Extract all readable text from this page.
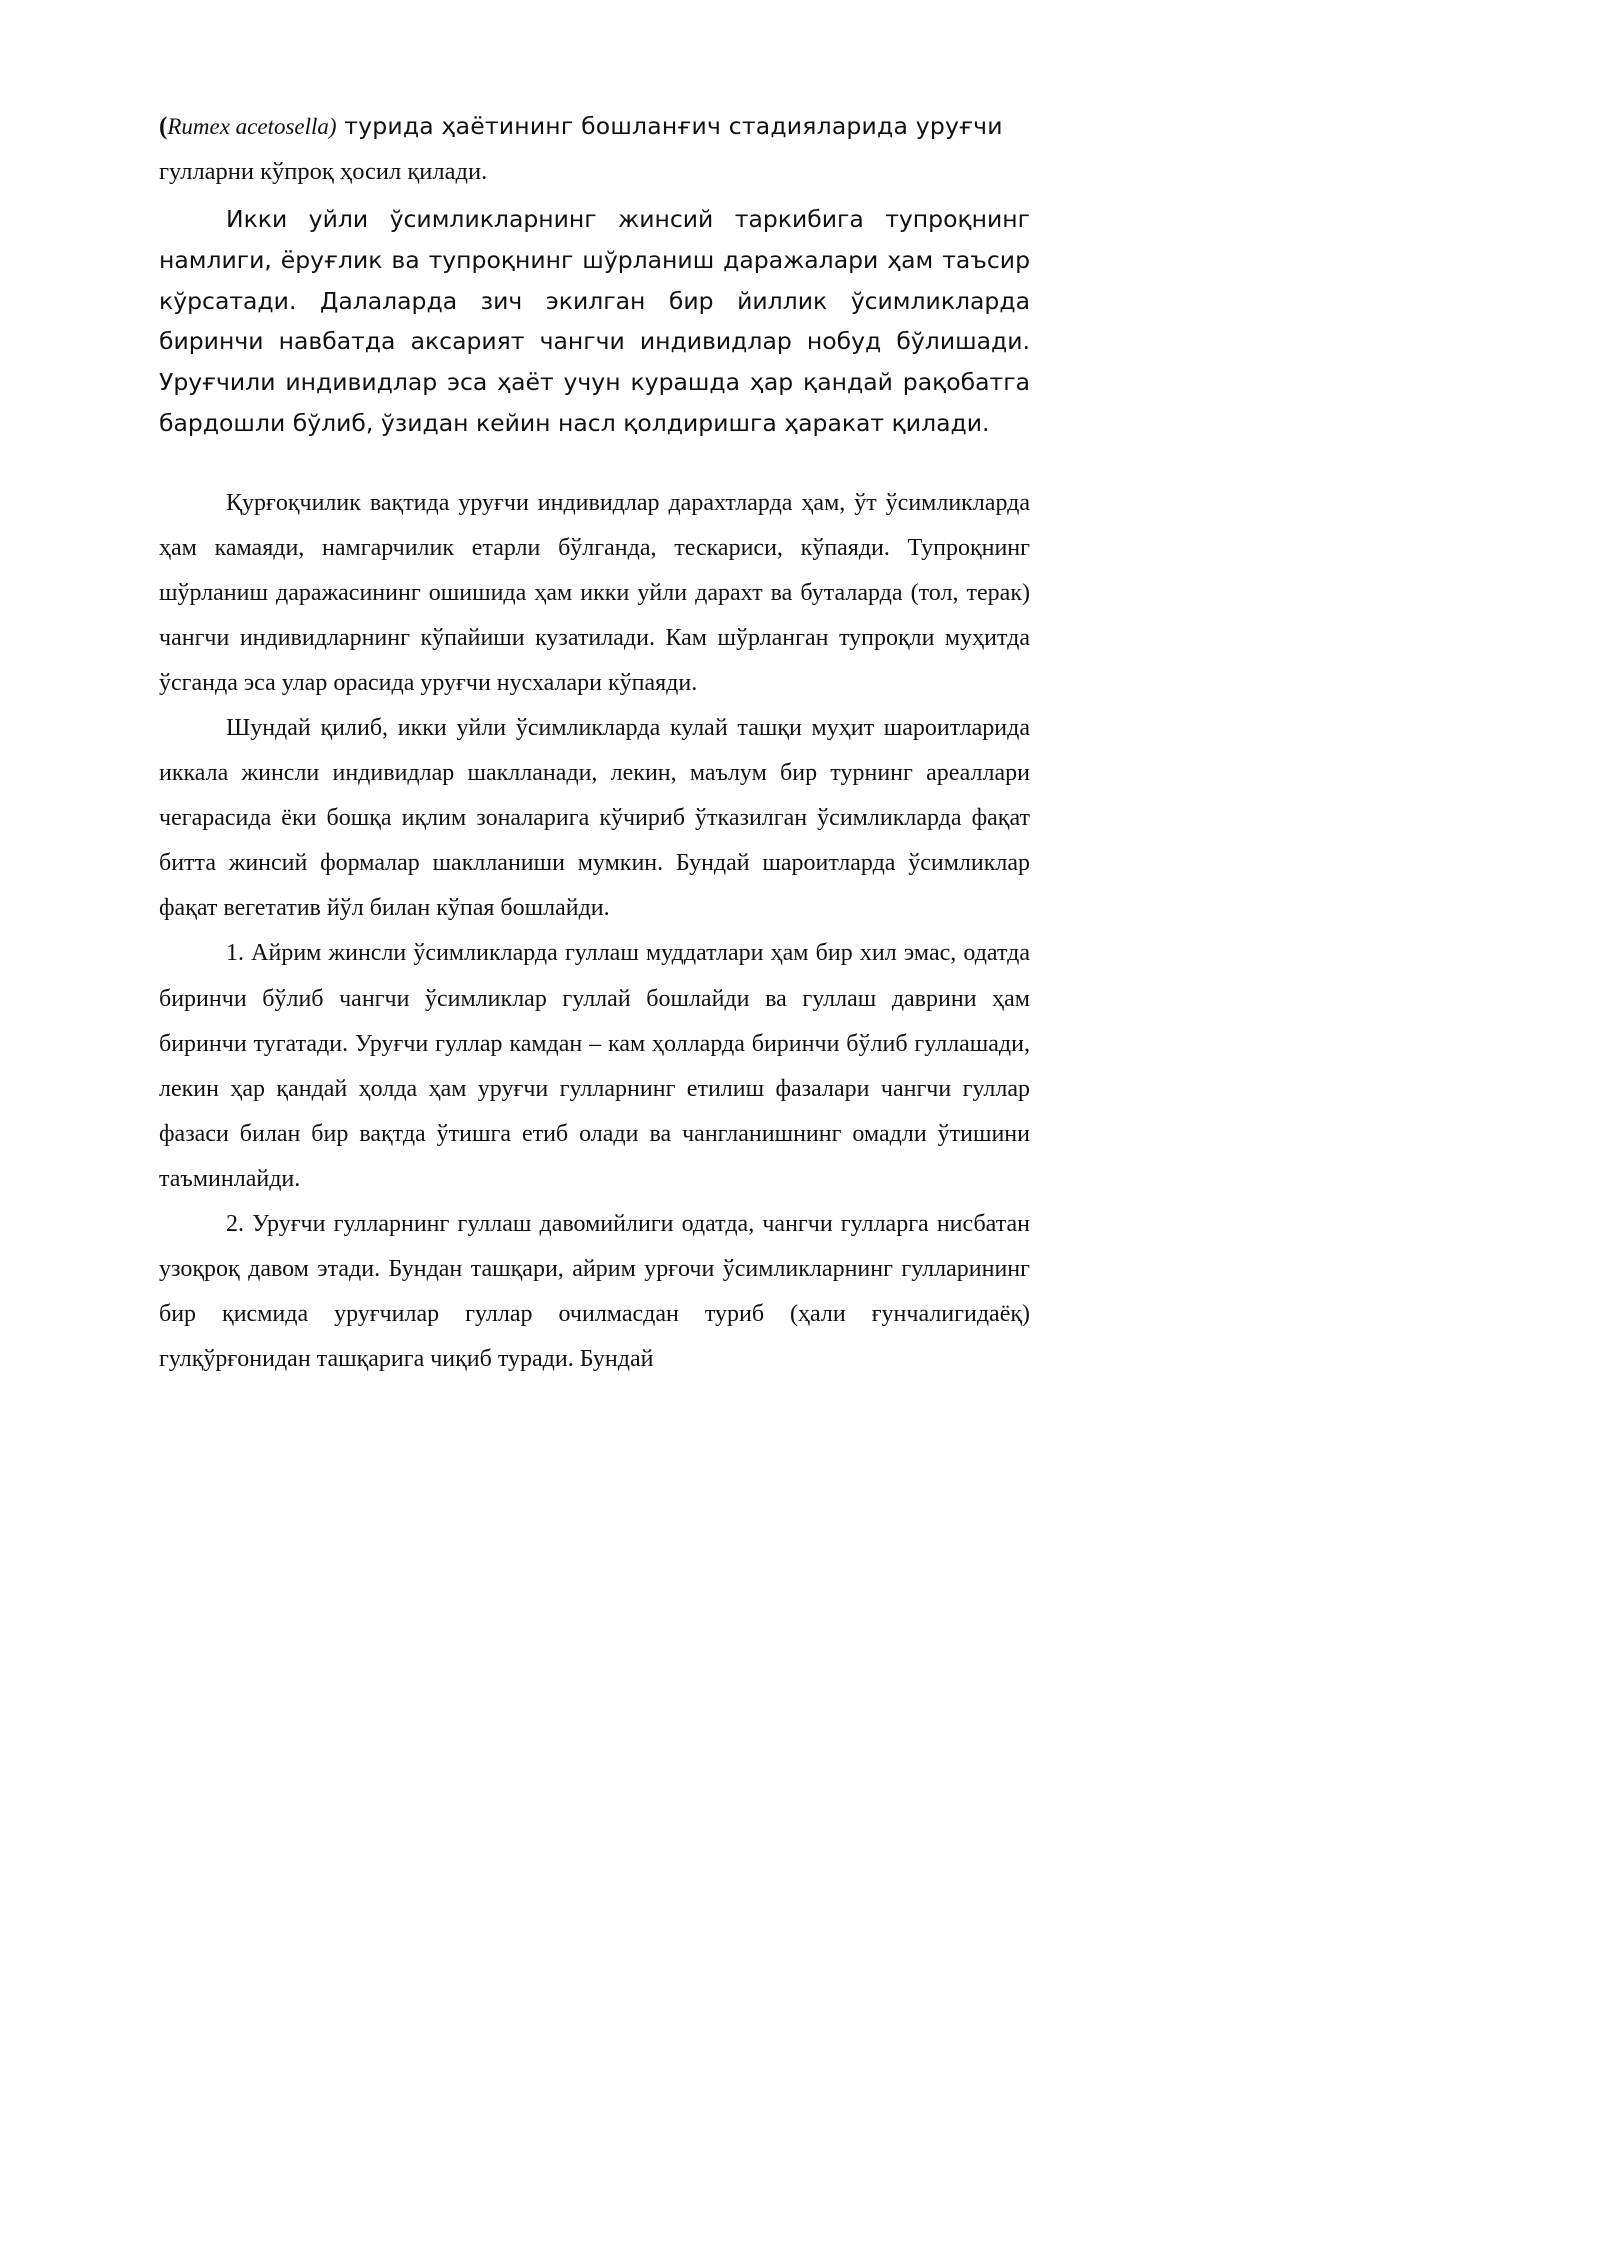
(Rumex acetosella) турида ҳаётининг бошланғич стадияларида уруғчи
гулларни кўпроқ ҳосил қилади.

Икки уйли ўсимликларнинг жинсий таркибига тупроқнинг намлиги, ёруғлик ва тупроқнинг шўрланиш даражалари ҳам таъсир кўрсатади. Далаларда зич экилган бир йиллик ўсимликларда биринчи навбатда аксарият чангчи индивидлар нобуд бўлишади. Уруғчили индивидлар эса ҳаёт учун курашда ҳар қандай рақобатга бардошли бўлиб, ўзидан кейин насл қолдиришга ҳаракат қилади.

Қурғоқчилик вақтида уруғчи индивидлар дарахтларда ҳам, ўт ўсимликларда ҳам камаяди, намгарчилик етарли бўлганда, тескариси, кўпаяди. Тупроқнинг шўрланиш даражасининг ошишида ҳам икки уйли дарахт ва буталарда (тол, терак) чангчи индивидларнинг кўпайиши кузатилади. Кам шўрланган тупроқли муҳитда ўсганда эса улар орасида уруғчи нусхалари кўпаяди.

Шундай қилиб, икки уйли ўсимликларда кулай ташқи муҳит шароитларида иккала жинсли индивидлар шаклланади, лекин, маълум бир турнинг ареаллари чегарасида ёки бошқа иқлим зоналарига кўчириб ўтказилган ўсимликларда фақат битта жинсий формалар шаклланиши мумкин. Бундай шароитларда ўсимликлар фақат вегетатив йўл билан кўпая бошлайди.

1. Айрим жинсли ўсимликларда гуллаш муддатлари ҳам бир хил эмас, одатда биринчи бўлиб чангчи ўсимликлар гуллай бошлайди ва гуллаш даврини ҳам биринчи тугатади. Уруғчи гуллар камдан – кам ҳолларда биринчи бўлиб гуллашади, лекин ҳар қандай ҳолда ҳам уруғчи гулларнинг етилиш фазалари чангчи гуллар фазаси билан бир вақтда ўтишга етиб олади ва чангланишнинг омадли ўтишини таъминлайди.

2. Уруғчи гулларнинг гуллаш давомийлиги одатда, чангчи гулларга нисбатан узоқроқ давом этади. Бундан ташқари, айрим урғочи ўсимликларнинг гулларининг бир қисмида уруғчилар гуллар очилмасдан туриб (ҳали ғунчалигидаёқ) гулқўрғонидан ташқарига чиқиб туради. Бундай
